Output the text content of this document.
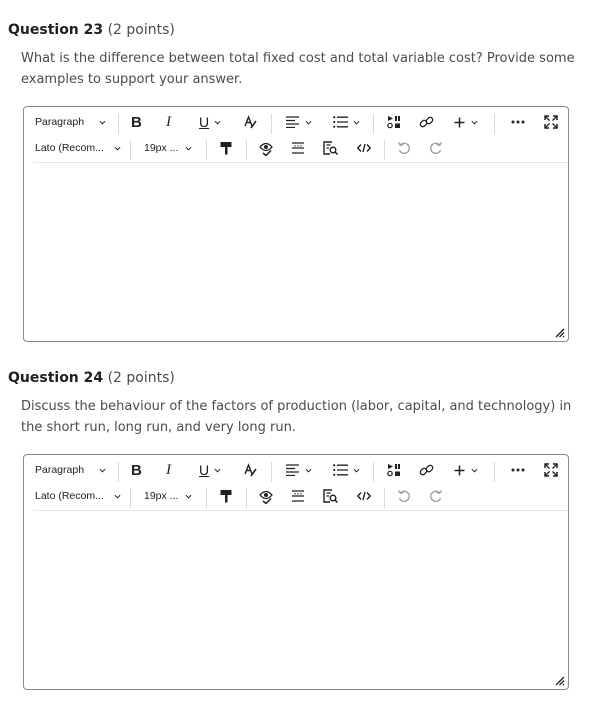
Question 23 (2 points)
What is the difference between total fixed cost and total variable cost? Provide some examples to support your answer.
Paragraph	B I U
Lato (Recom...	19px ...
Question 24 (2 points)
Discuss the behaviour of the factors of production (labor, capital, and technology) in the short run, long run, and very long run.
Paragraph	B I U
Lato (Recom...	19px ...
